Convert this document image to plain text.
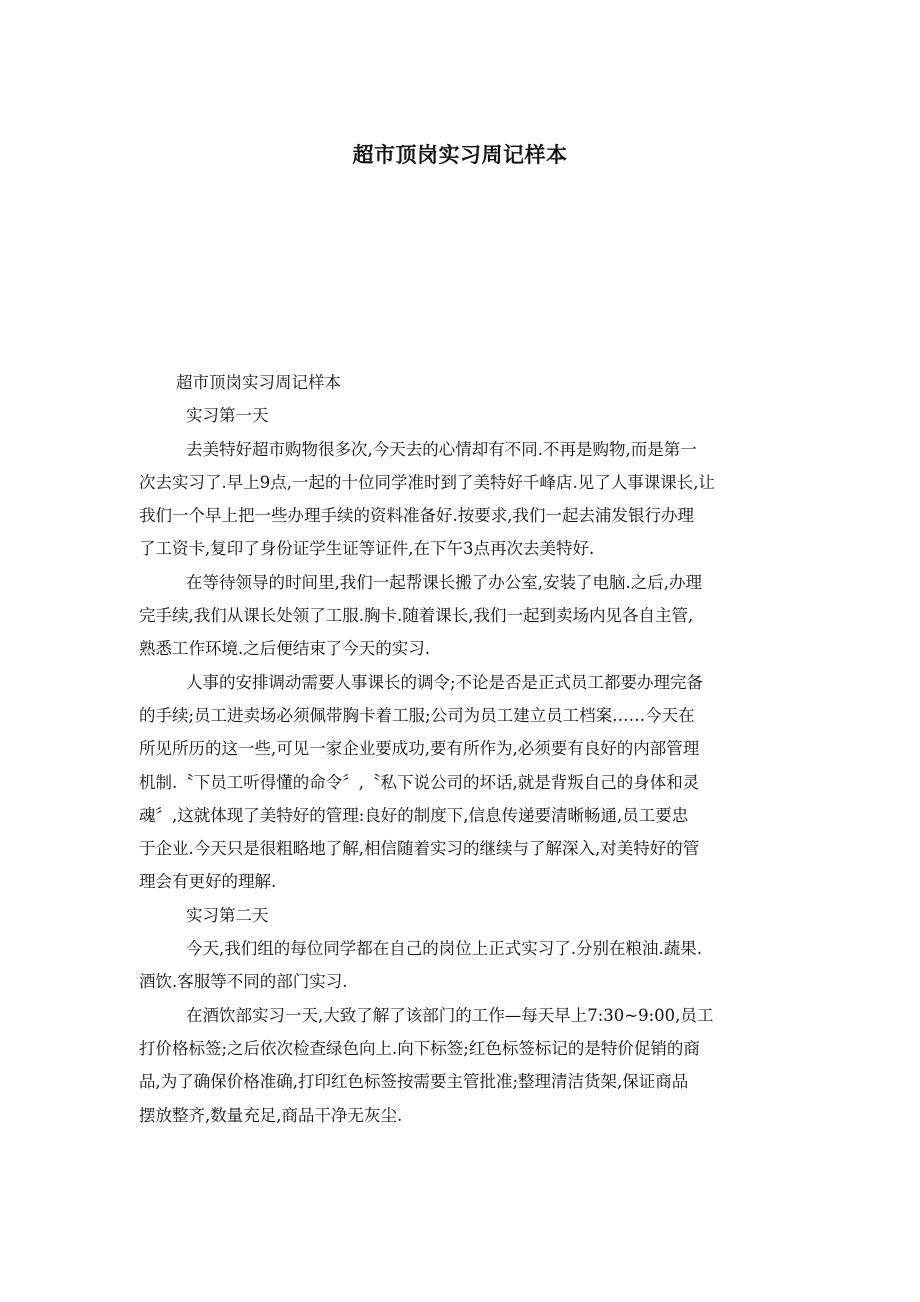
超市顶岗实习周记样本
超市顶岗实习周记样本
实习第一天
去美特好超市购物很多次,今天去的心情却有不同.不再是购物,而是第一
次去实习了.早上9点,一起的十位同学准时到了美特好千峰店.见了人事课课长,让
我们一个早上把一些办理手续的资料准备好.按要求,我们一起去浦发银行办理
了工资卡,复印了身份证学生证等证件,在下午3点再次去美特好.
在等待领导的时间里,我们一起帮课长搬了办公室,安装了电脑.之后,办理
完手续,我们从课长处领了工服.胸卡.随着课长,我们一起到卖场内见各自主管,
熟悉工作环境.之后便结束了今天的实习.
人事的安排调动需要人事课长的调令;不论是否是正式员工都要办理完备
的手续;员工进卖场必须佩带胸卡着工服;公司为员工建立员工档案……今天在
所见所历的这一些,可见一家企业要成功,要有所作为,必须要有良好的内部管理
机制.〝下员工听得懂的命令〞,〝私下说公司的坏话,就是背叛自己的身体和灵
魂〞,这就体现了美特好的管理:良好的制度下,信息传递要清晰畅通,员工要忠
于企业.今天只是很粗略地了解,相信随着实习的继续与了解深入,对美特好的管
理会有更好的理解.
实习第二天
今天,我们组的每位同学都在自己的岗位上正式实习了.分别在粮油.蔬果.
酒饮.客服等不同的部门实习.
在酒饮部实习一天,大致了解了该部门的工作—每天早上7:30~9:00,员工
打价格标签;之后依次检查绿色向上.向下标签;红色标签标记的是特价促销的商
品,为了确保价格准确,打印红色标签按需要主管批准;整理清洁货架,保证商品
摆放整齐,数量充足,商品干净无灰尘.
